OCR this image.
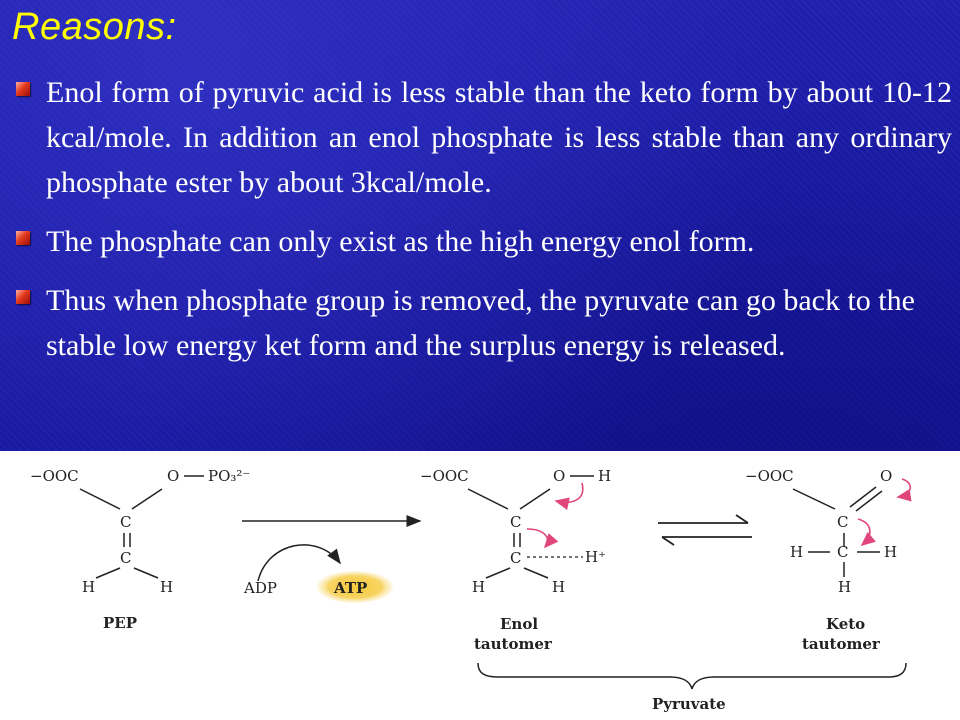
Reasons:
Enol form of pyruvic acid is less stable than the keto form by about 10-12 kcal/mole. In addition an enol phosphate is less stable than any ordinary phosphate ester by about 3kcal/mole.
The phosphate can only exist as the high energy enol form.
Thus when phosphate group is removed, the pyruvate can go back to the stable low energy ket form and the surplus energy is released.
−OOC	O PO₃²⁻
C
C
H	H
PEP
ADP	ATP
−OOC	O H
C
C	H⁺
H	H
Enol
tautomer
−OOC	O
C
H C H
H
Keto
tautomer
Pyruvate
